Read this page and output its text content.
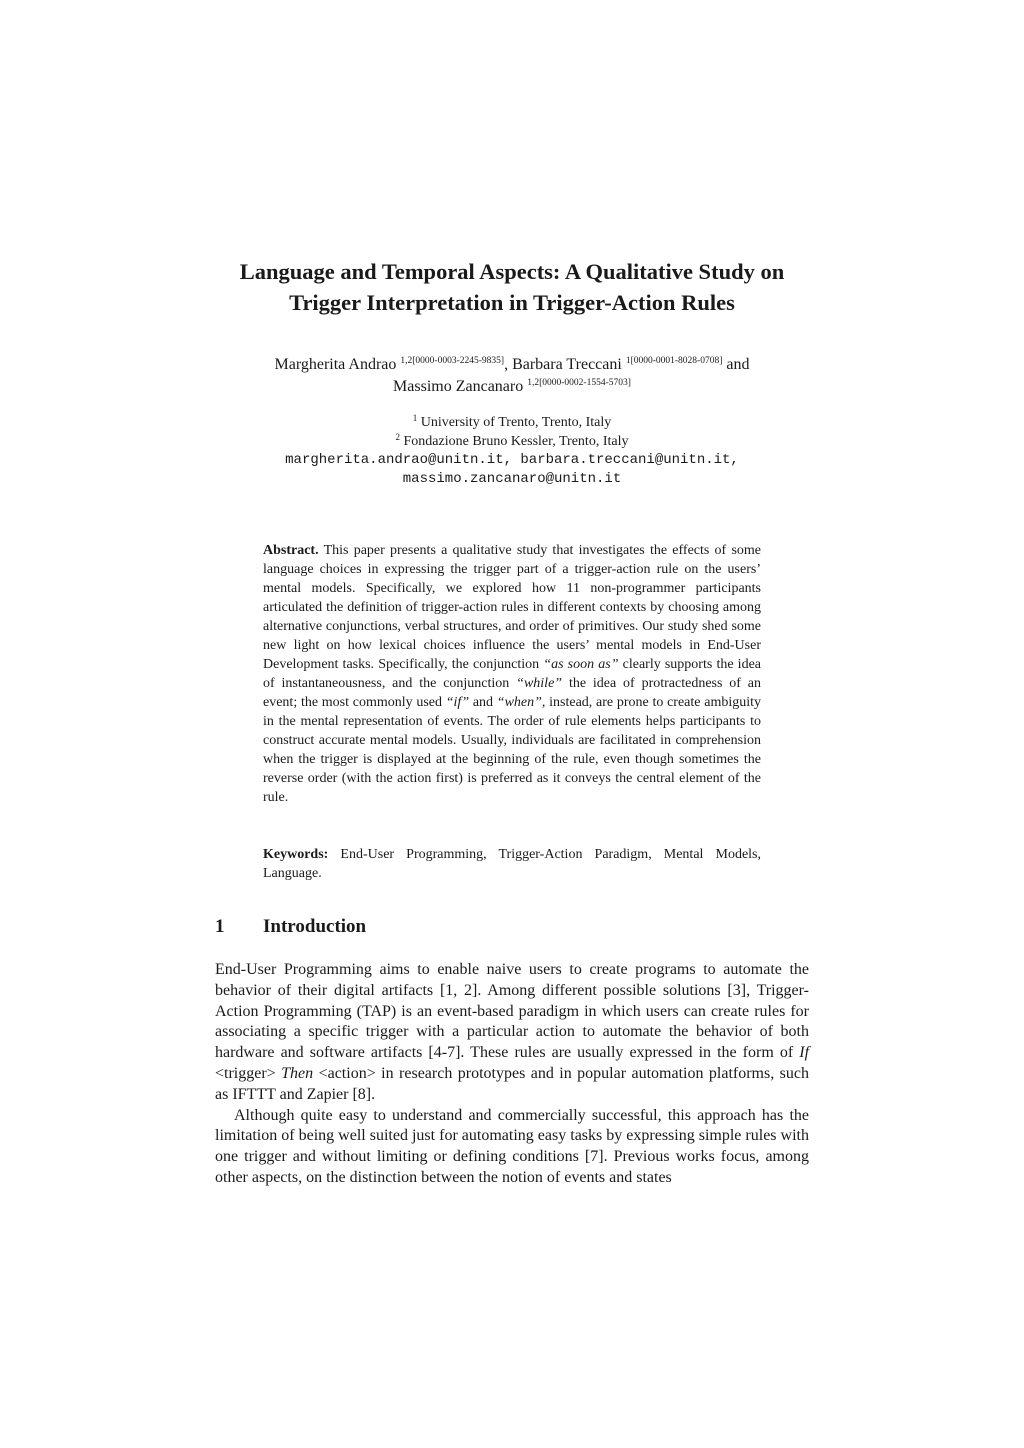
Language and Temporal Aspects: A Qualitative Study on
Trigger Interpretation in Trigger-Action Rules
Margherita Andrao $^{1,2[0000-0003-2245-9835]}$, Barbara Treccani $^{1[0000-0001-8028-0708]}$ and
Massimo Zancanaro $^{1,2[0000-0002-1554-5703]}$
$^1$ University of Trento, Trento, Italy
$^2$ Fondazione Bruno Kessler, Trento, Italy
margherita.andrao@unitn.it, barbara.treccani@unitn.it,
massimo.zancanaro@unitn.it
Abstract. This paper presents a qualitative study that investigates the effects of some language choices in expressing the trigger part of a trigger-action rule on the users’ mental models. Specifically, we explored how 11 non-programmer participants articulated the definition of trigger-action rules in different contexts by choosing among alternative conjunctions, verbal structures, and order of primitives. Our study shed some new light on how lexical choices influence the users’ mental models in End-User Development tasks. Specifically, the conjunction “as soon as” clearly supports the idea of instantaneousness, and the conjunction “while” the idea of protractedness of an event; the most commonly used “if” and “when”, instead, are prone to create ambiguity in the mental representation of events. The order of rule elements helps participants to construct accurate mental models. Usually, individuals are facilitated in comprehension when the trigger is displayed at the beginning of the rule, even though sometimes the reverse order (with the action first) is preferred as it conveys the central element of the rule.
Keywords: End-User Programming, Trigger-Action Paradigm, Mental Models, Language.
1 Introduction

End-User Programming aims to enable naive users to create programs to automate the behavior of their digital artifacts [1, 2]. Among different possible solutions [3], Trigger-Action Programming (TAP) is an event-based paradigm in which users can create rules for associating a specific trigger with a particular action to automate the behavior of both hardware and software artifacts [4-7]. These rules are usually expressed in the form of If <trigger> Then <action> in research prototypes and in popular automation platforms, such as IFTTT and Zapier [8].

Although quite easy to understand and commercially successful, this approach has the limitation of being well suited just for automating easy tasks by expressing simple rules with one trigger and without limiting or defining conditions [7]. Previous works focus, among other aspects, on the distinction between the notion of events and states
